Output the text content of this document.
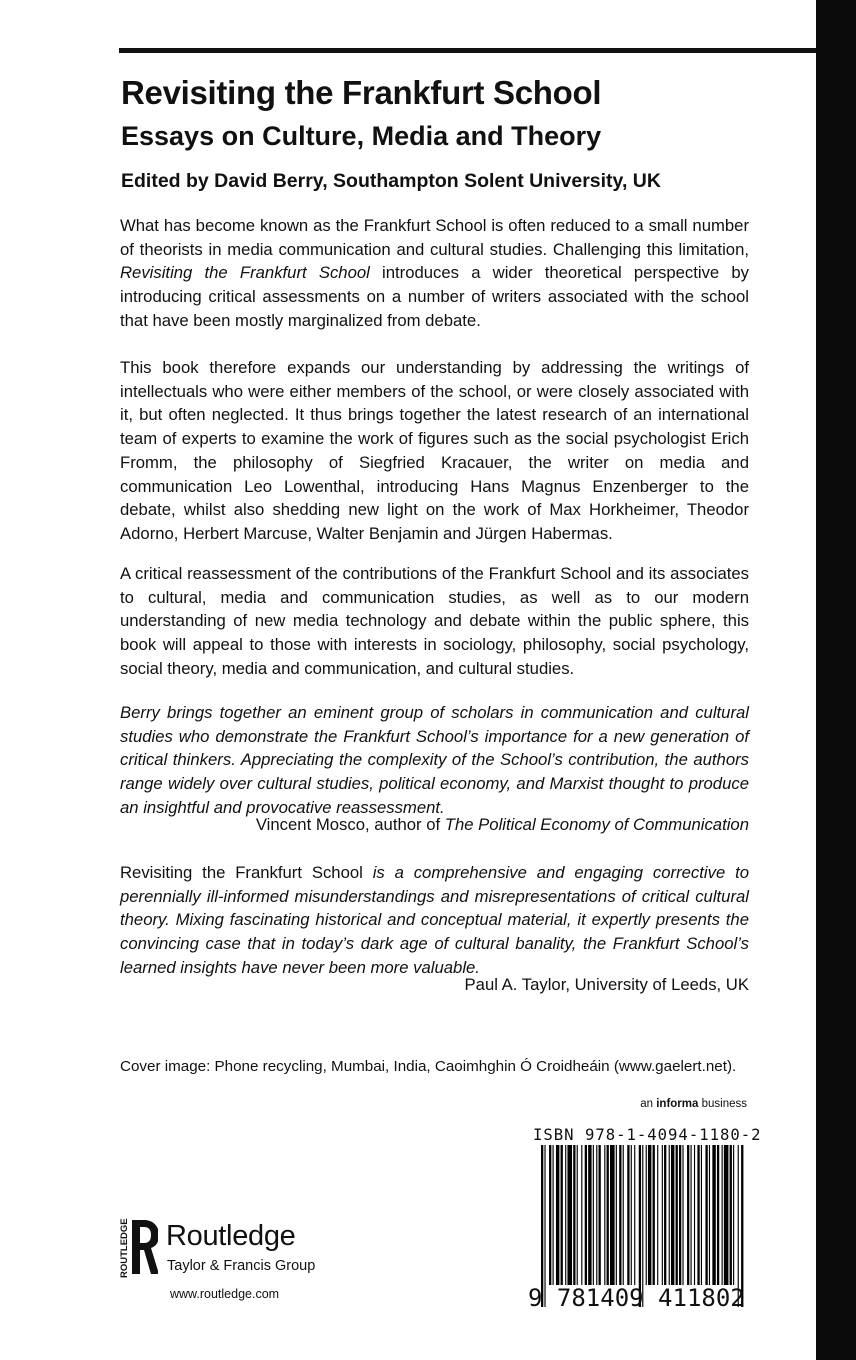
Revisiting the Frankfurt School
Essays on Culture, Media and Theory
Edited by David Berry, Southampton Solent University, UK

What has become known as the Frankfurt School is often reduced to a small number of theorists in media communication and cultural studies. Challenging this limitation, Revisiting the Frankfurt School introduces a wider theoretical perspective by introducing critical assessments on a number of writers associated with the school that have been mostly marginalized from debate.

This book therefore expands our understanding by addressing the writings of intellectuals who were either members of the school, or were closely associated with it, but often neglected. It thus brings together the latest research of an international team of experts to examine the work of figures such as the social psychologist Erich Fromm, the philosophy of Siegfried Kracauer, the writer on media and communication Leo Lowenthal, introducing Hans Magnus Enzenberger to the debate, whilst also shedding new light on the work of Max Horkheimer, Theodor Adorno, Herbert Marcuse, Walter Benjamin and Jürgen Habermas.

A critical reassessment of the contributions of the Frankfurt School and its associates to cultural, media and communication studies, as well as to our modern understanding of new media technology and debate within the public sphere, this book will appeal to those with interests in sociology, philosophy, social psychology, social theory, media and communication, and cultural studies.

Berry brings together an eminent group of scholars in communication and cultural studies who demonstrate the Frankfurt School’s importance for a new generation of critical thinkers. Appreciating the complexity of the School’s contribution, the authors range widely over cultural studies, political economy, and Marxist thought to produce an insightful and provocative reassessment.

Vincent Mosco, author of The Political Economy of Communication

Revisiting the Frankfurt School is a comprehensive and engaging corrective to perennially ill-informed misunderstandings and misrepresentations of critical cultural theory. Mixing fascinating historical and conceptual material, it expertly presents the convincing case that in today’s dark age of cultural banality, the Frankfurt School’s learned insights have never been more valuable.

Paul A. Taylor, University of Leeds, UK

Cover image: Phone recycling, Mumbai, India, Caoimhghin Ó Croidheáin (www.gaelert.net).

an informa business

ISBN 978-1-4094-1180-2

9 781409 411802

ROUTLEDGE Routledge

Taylor & Francis Group

www.routledge.com
